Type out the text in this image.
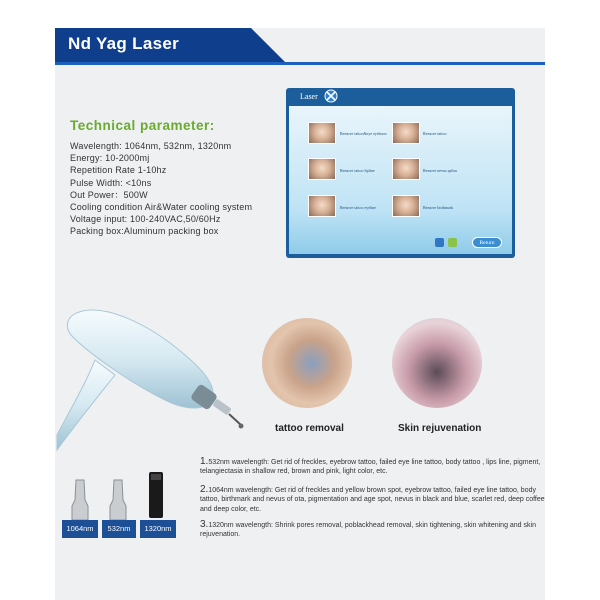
Nd Yag Laser
Technical parameter:
Wavelength: 1064nm, 532nm, 1320nm
Energy: 10-2000mj
Repetition Rate 1-10hz
Pulse Width: <10ns
Out Power：500W
Cooling condition Air&Water cooling system
Voltage input: 100-240VAC,50/60Hz
Packing box:Aluminum packing box
Laser
Remove tattoo&eye eyebrow	Remove tattoo
Remove tattoo lipline	Remove nevus spilus
Remove tattoo eyeline	Remove birthmark
Return
1064nm	532nm	1320nm
tattoo removal	Skin rejuvenation
1.532nm wavelength: Get rid of freckles, eyebrow tattoo, failed eye line tattoo, body tattoo , lips line, pigment, telangiectasia in shallow red, brown and pink, light color, etc.
2.1064nm wavelength: Get rid of freckles and yellow brown spot, eyebrow tattoo, failed eye line tattoo, body tattoo, birthmark and nevus of ota, pigmentation and age spot, nevus in black and blue, scarlet red, deep coffee and deep color, etc.
3.1320nm wavelength: Shrink pores removal, poblackhead removal, skin tightening, skin whitening and skin rejuvenation.
